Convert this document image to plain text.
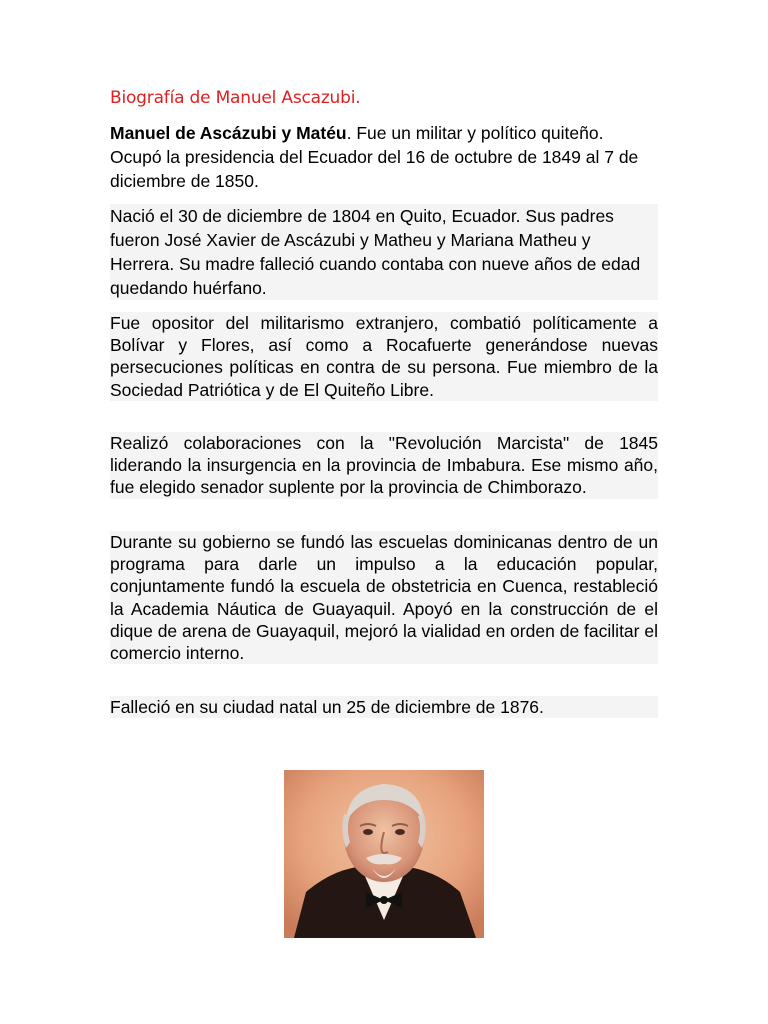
Biografía de Manuel Ascazubi.
Manuel de Ascázubi y Matéu. Fue un militar y político quiteño. Ocupó la presidencia del Ecuador del 16 de octubre de 1849 al 7 de diciembre de 1850.
Nació el 30 de diciembre de 1804 en Quito, Ecuador. Sus padres fueron José Xavier de Ascázubi y Matheu y Mariana Matheu y Herrera. Su madre falleció cuando contaba con nueve años de edad quedando huérfano.
Fue opositor del militarismo extranjero, combatió políticamente a Bolívar y Flores, así como a Rocafuerte generándose nuevas persecuciones políticas en contra de su persona. Fue miembro de la Sociedad Patriótica y de El Quiteño Libre.
Realizó colaboraciones con la "Revolución Marcista" de 1845 liderando la insurgencia en la provincia de Imbabura. Ese mismo año, fue elegido senador suplente por la provincia de Chimborazo.
Durante su gobierno se fundó las escuelas dominicanas dentro de un programa para darle un impulso a la educación popular, conjuntamente fundó la escuela de obstetricia en Cuenca, restableció la Academia Náutica de Guayaquil. Apoyó en la construcción de el dique de arena de Guayaquil, mejoró la vialidad en orden de facilitar el comercio interno.
Falleció en su ciudad natal un 25 de diciembre de 1876.
